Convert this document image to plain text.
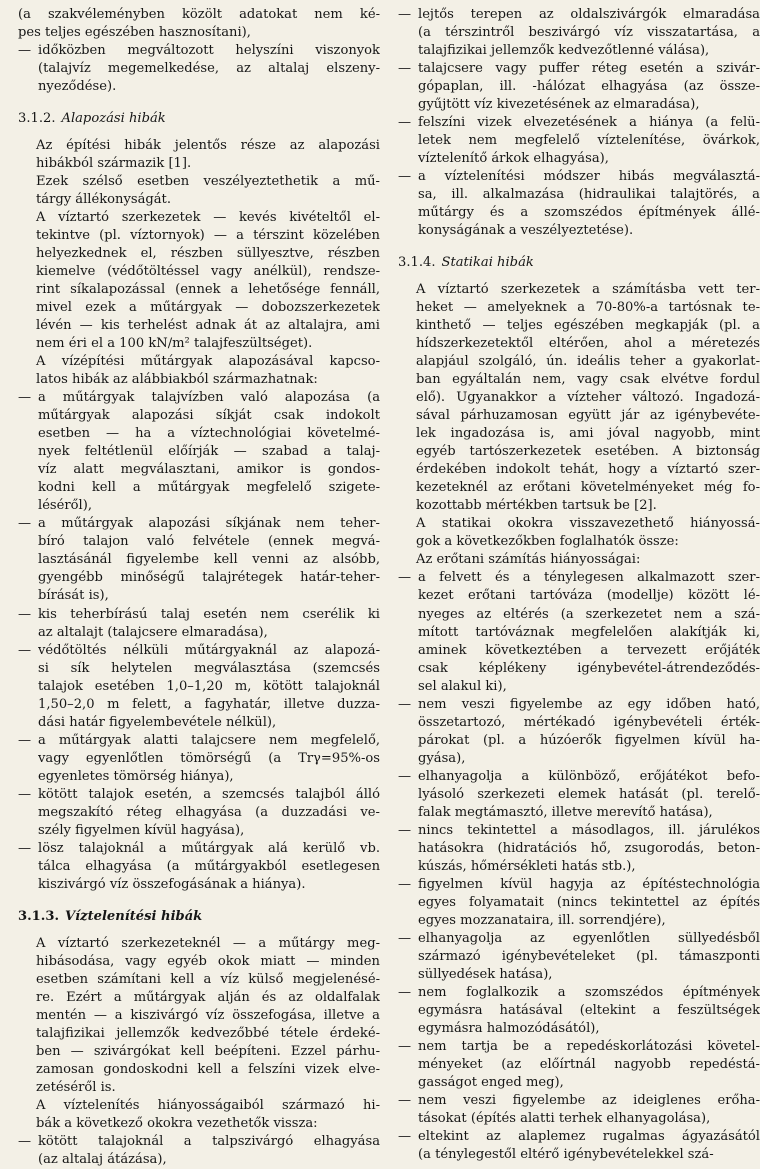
(a szakvéleményben közölt adatokat nem ké-
pes teljes egészében hasznosítani),
— időközben megváltozott helyszíni viszonyok
(talajvíz megemelkedése, az altalaj elszeny-
nyeződése).
3.1.2. Alapozási hibák
Az építési hibák jelentős része az alapozási
hibákból származik [1].
Ezek szélső esetben veszélyeztethetik a mű-
tárgy állékonyságát.
A víztartó szerkezetek — kevés kivételtől el-
tekintve (pl. víztornyok) — a térszint közelében
helyezkednek el, részben süllyesztve, részben
kiemelve (védőtöltéssel vagy anélkül), rendsze-
rint síkalapozással (ennek a lehetősége fennáll,
mivel ezek a műtárgyak — dobozszerkezetek
lévén — kis terhelést adnak át az altalajra, ami
nem éri el a 100 kN/m² talajfeszültséget).
A vízépítési műtárgyak alapozásával kapcso-
latos hibák az alábbiakból származhatnak:
— a műtárgyak talajvízben való alapozása (a
műtárgyak alapozási síkját csak indokolt
esetben — ha a víztechnológiai követelmé-
nyek feltétlenül előírják — szabad a talaj-
víz alatt megválasztani, amikor is gondos-
kodni kell a műtárgyak megfelelő szigete-
léséről),
— a műtárgyak alapozási síkjának nem teher-
bíró talajon való felvétele (ennek megvá-
lasztásánál figyelembe kell venni az alsóbb,
gyengébb minőségű talajrétegek határ-teher-
bírását is),
— kis teherbírású talaj esetén nem cserélik ki
az altalajt (talajcsere elmaradása),
— védőtöltés nélküli műtárgyaknál az alapozá-
si sík helytelen megválasztása (szemcsés
talajok esetében 1,0–1,20 m, kötött talajoknál
1,50–2,0 m felett, a fagyhatár, illetve duzza-
dási határ figyelembevétele nélkül),
— a műtárgyak alatti talajcsere nem megfelelő,
vagy egyenlőtlen tömörségű (a Trγ=95%-os
egyenletes tömörség hiánya),
— kötött talajok esetén, a szemcsés talajból álló
megszakító réteg elhagyása (a duzzadási ve-
szély figyelmen kívül hagyása),
— lösz talajoknál a műtárgyak alá kerülő vb.
tálca elhagyása (a műtárgyakból esetlegesen
kiszivárgó víz összefogásának a hiánya).
3.1.3. Víztelenítési hibák
A víztartó szerkezeteknél — a műtárgy meg-
hibásodása, vagy egyéb okok miatt — minden
esetben számítani kell a víz külső megjelenésé-
re. Ezért a műtárgyak alján és az oldalfalak
mentén — a kiszivárgó víz összefogása, illetve a
talajfizikai jellemzők kedvezőbbé tétele érdeké-
ben — szivárgókat kell beépíteni. Ezzel párhu-
zamosan gondoskodni kell a felszíni vizek elve-
zetéséről is.
A víztelenítés hiányosságaiból származó hi-
bák a következő okokra vezethetők vissza:
— kötött talajoknál a talpszivárgó elhagyása
(az altalaj átázása),
— lejtős terepen az oldalszivárgók elmaradása
(a térszintről beszivárgó víz visszatartása, a
talajfizikai jellemzők kedvezőtlenné válása),
— talajcsere vagy puffer réteg esetén a szivár-
gópaplan, ill. -hálózat elhagyása (az össze-
gyűjtött víz kivezetésének az elmaradása),
— felszíni vizek elvezetésének a hiánya (a felü-
letek nem megfelelő víztelenítése, övárkok,
víztelenítő árkok elhagyása),
— a víztelenítési módszer hibás megválasztá-
sa, ill. alkalmazása (hidraulikai talajtörés, a
műtárgy és a szomszédos építmények állé-
konyságának a veszélyeztetése).
3.1.4. Statikai hibák
A víztartó szerkezetek a számításba vett ter-
heket — amelyeknek a 70-80%-a tartósnak te-
kinthető — teljes egészében megkapják (pl. a
hídszerkezetektől eltérően, ahol a méretezés
alapjául szolgáló, ún. ideális teher a gyakorlat-
ban egyáltalán nem, vagy csak elvétve fordul
elő). Ugyanakkor a vízteher változó. Ingadozá-
sával párhuzamosan együtt jár az igénybevéte-
lek ingadozása is, ami jóval nagyobb, mint
egyéb tartószerkezetek esetében. A biztonság
érdekében indokolt tehát, hogy a víztartó szer-
kezeteknél az erőtani követelményeket még fo-
kozottabb mértékben tartsuk be [2].
A statikai okokra visszavezethető hiányossá-
gok a következőkben foglalhatók össze:
Az erőtani számítás hiányosságai:
— a felvett és a ténylegesen alkalmazott szer-
kezet erőtani tartóváza (modellje) között lé-
nyeges az eltérés (a szerkezetet nem a szá-
mított tartóváznak megfelelően alakítják ki,
aminek következtében a tervezett erőjáték
csak képlékeny igénybevétel-átrendeződés-
sel alakul ki),
— nem veszi figyelembe az egy időben ható,
összetartozó, mértékadó igénybevételi érték-
párokat (pl. a húzóerők figyelmen kívül ha-
gyása),
— elhanyagolja a különböző, erőjátékot befo-
lyásoló szerkezeti elemek hatását (pl. terelő-
falak megtámasztó, illetve merevítő hatása),
— nincs tekintettel a másodlagos, ill. járulékos
hatásokra (hidratációs hő, zsugorodás, beton-
kúszás, hőmérsékleti hatás stb.),
— figyelmen kívül hagyja az építéstechnológia
egyes folyamatait (nincs tekintettel az építés
egyes mozzanataira, ill. sorrendjére),
— elhanyagolja az egyenlőtlen süllyedésből
származó igénybevételeket (pl. támaszponti
süllyedések hatása),
— nem foglalkozik a szomszédos építmények
egymásra hatásával (eltekint a feszültségek
egymásra halmozódásától),
— nem tartja be a repedéskorlátozási követel-
ményeket (az előírtnál nagyobb repedéstá-
gasságot enged meg),
— nem veszi figyelembe az ideiglenes erőha-
tásokat (építés alatti terhek elhanyagolása),
— eltekint az alaplemez rugalmas ágyazásától
(a ténylegestől eltérő igénybevételekkel szá-
